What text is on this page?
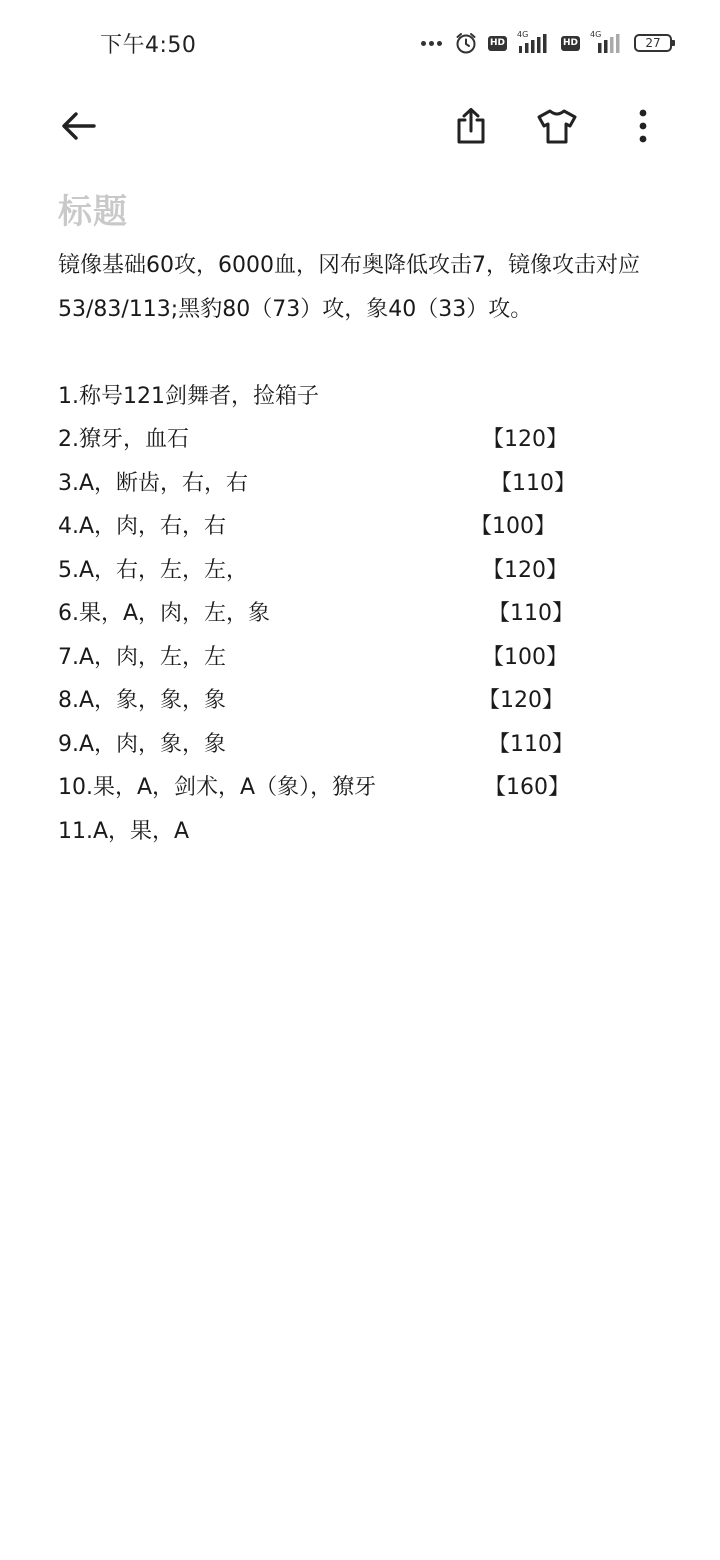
下午4:50	HD
4G
HD
4G
27
标题

镜像基础60攻，6000血，冈布奥降低攻击7，镜像攻击对应53/83/113;黑豹80（73）攻，象40（33）攻。

1.称号121剑舞者，捡箱子
2.獠牙，血石	【120】
3.A，断齿，右，右	【110】
4.A，肉，右，右	【100】
5.A，右，左，左，	【120】
6.果，A，肉，左，象	【110】
7.A，肉，左，左	【100】
8.A，象，象，象	【120】
9.A，肉，象，象	【110】
10.果，A，剑术，A（象），獠牙	【160】
11.A，果，A
